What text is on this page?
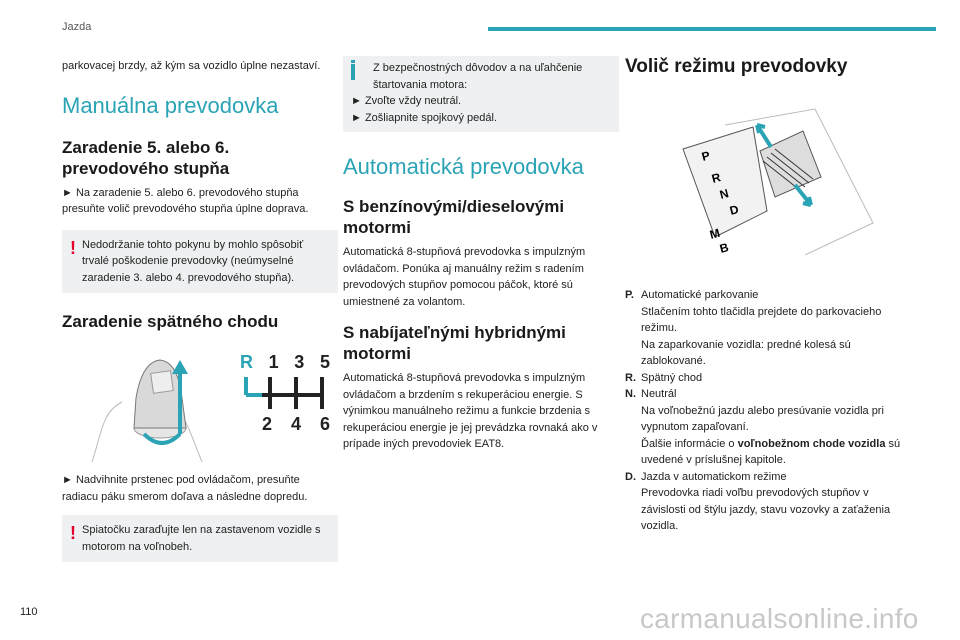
Jazda

parkovacej brzdy, až kým sa vozidlo úplne nezastaví.

Manuálna prevodovka
Zaradenie 5. alebo 6. prevodového stupňa

► Na zaradenie 5. alebo 6. prevodového stupňa presuňte volič prevodového stupňa úplne doprava.

! Nedodržanie tohto pokynu by mohlo spôsobiť trvalé poškodenie prevodovky (neúmyselné zaradenie 3. alebo 4. prevodového stupňa).

Zaradenie spätného chodu
R 1 3 5
2 4 6

► Nadvihnite prstenec pod ovládačom, presuňte radiacu páku smerom doľava a následne dopredu.

! Spiatočku zaraďujte len na zastavenom vozidle s motorom na voľnobeh.

Z bezpečnostných dôvodov a na uľahčenie štartovania motora:

► Zvoľte vždy neutrál.

► Zošliapnite spojkový pedál.

Automatická prevodovka
S benzínovými/dieselovými motormi

Automatická 8-stupňová prevodovka s impulzným ovládačom. Ponúka aj manuálny režim s radením prevodových stupňov pomocou páčok, ktoré sú umiestnené za volantom.

S nabíjateľnými hybridnými motormi

Automatická 8-stupňová prevodovka s impulzným ovládačom a brzdením s rekuperáciou energie. S výnimkou manuálneho režimu a funkcie brzdenia s rekuperáciou energie je jej prevádzka rovnaká ako v prípade iných prevodoviek EAT8.

Volič režimu prevodovky
P
R
N
D
M
B
P. Automatické parkovanie

Stlačením tohto tlačidla prejdete do parkovacieho režimu.

Na zaparkovanie vozidla: predné kolesá sú zablokované.

R. Spätný chod

N. Neutrál

Na voľnobežnú jazdu alebo presúvanie vozidla pri vypnutom zapaľovaní.

Ďalšie informácie o voľnobežnom chode vozidla sú uvedené v príslušnej kapitole.

D. Jazda v automatickom režime

Prevodovka riadi voľbu prevodových stupňov v závislosti od štýlu jazdy, stavu vozovky a zaťaženia vozidla.

110	carmanualsonline.info
